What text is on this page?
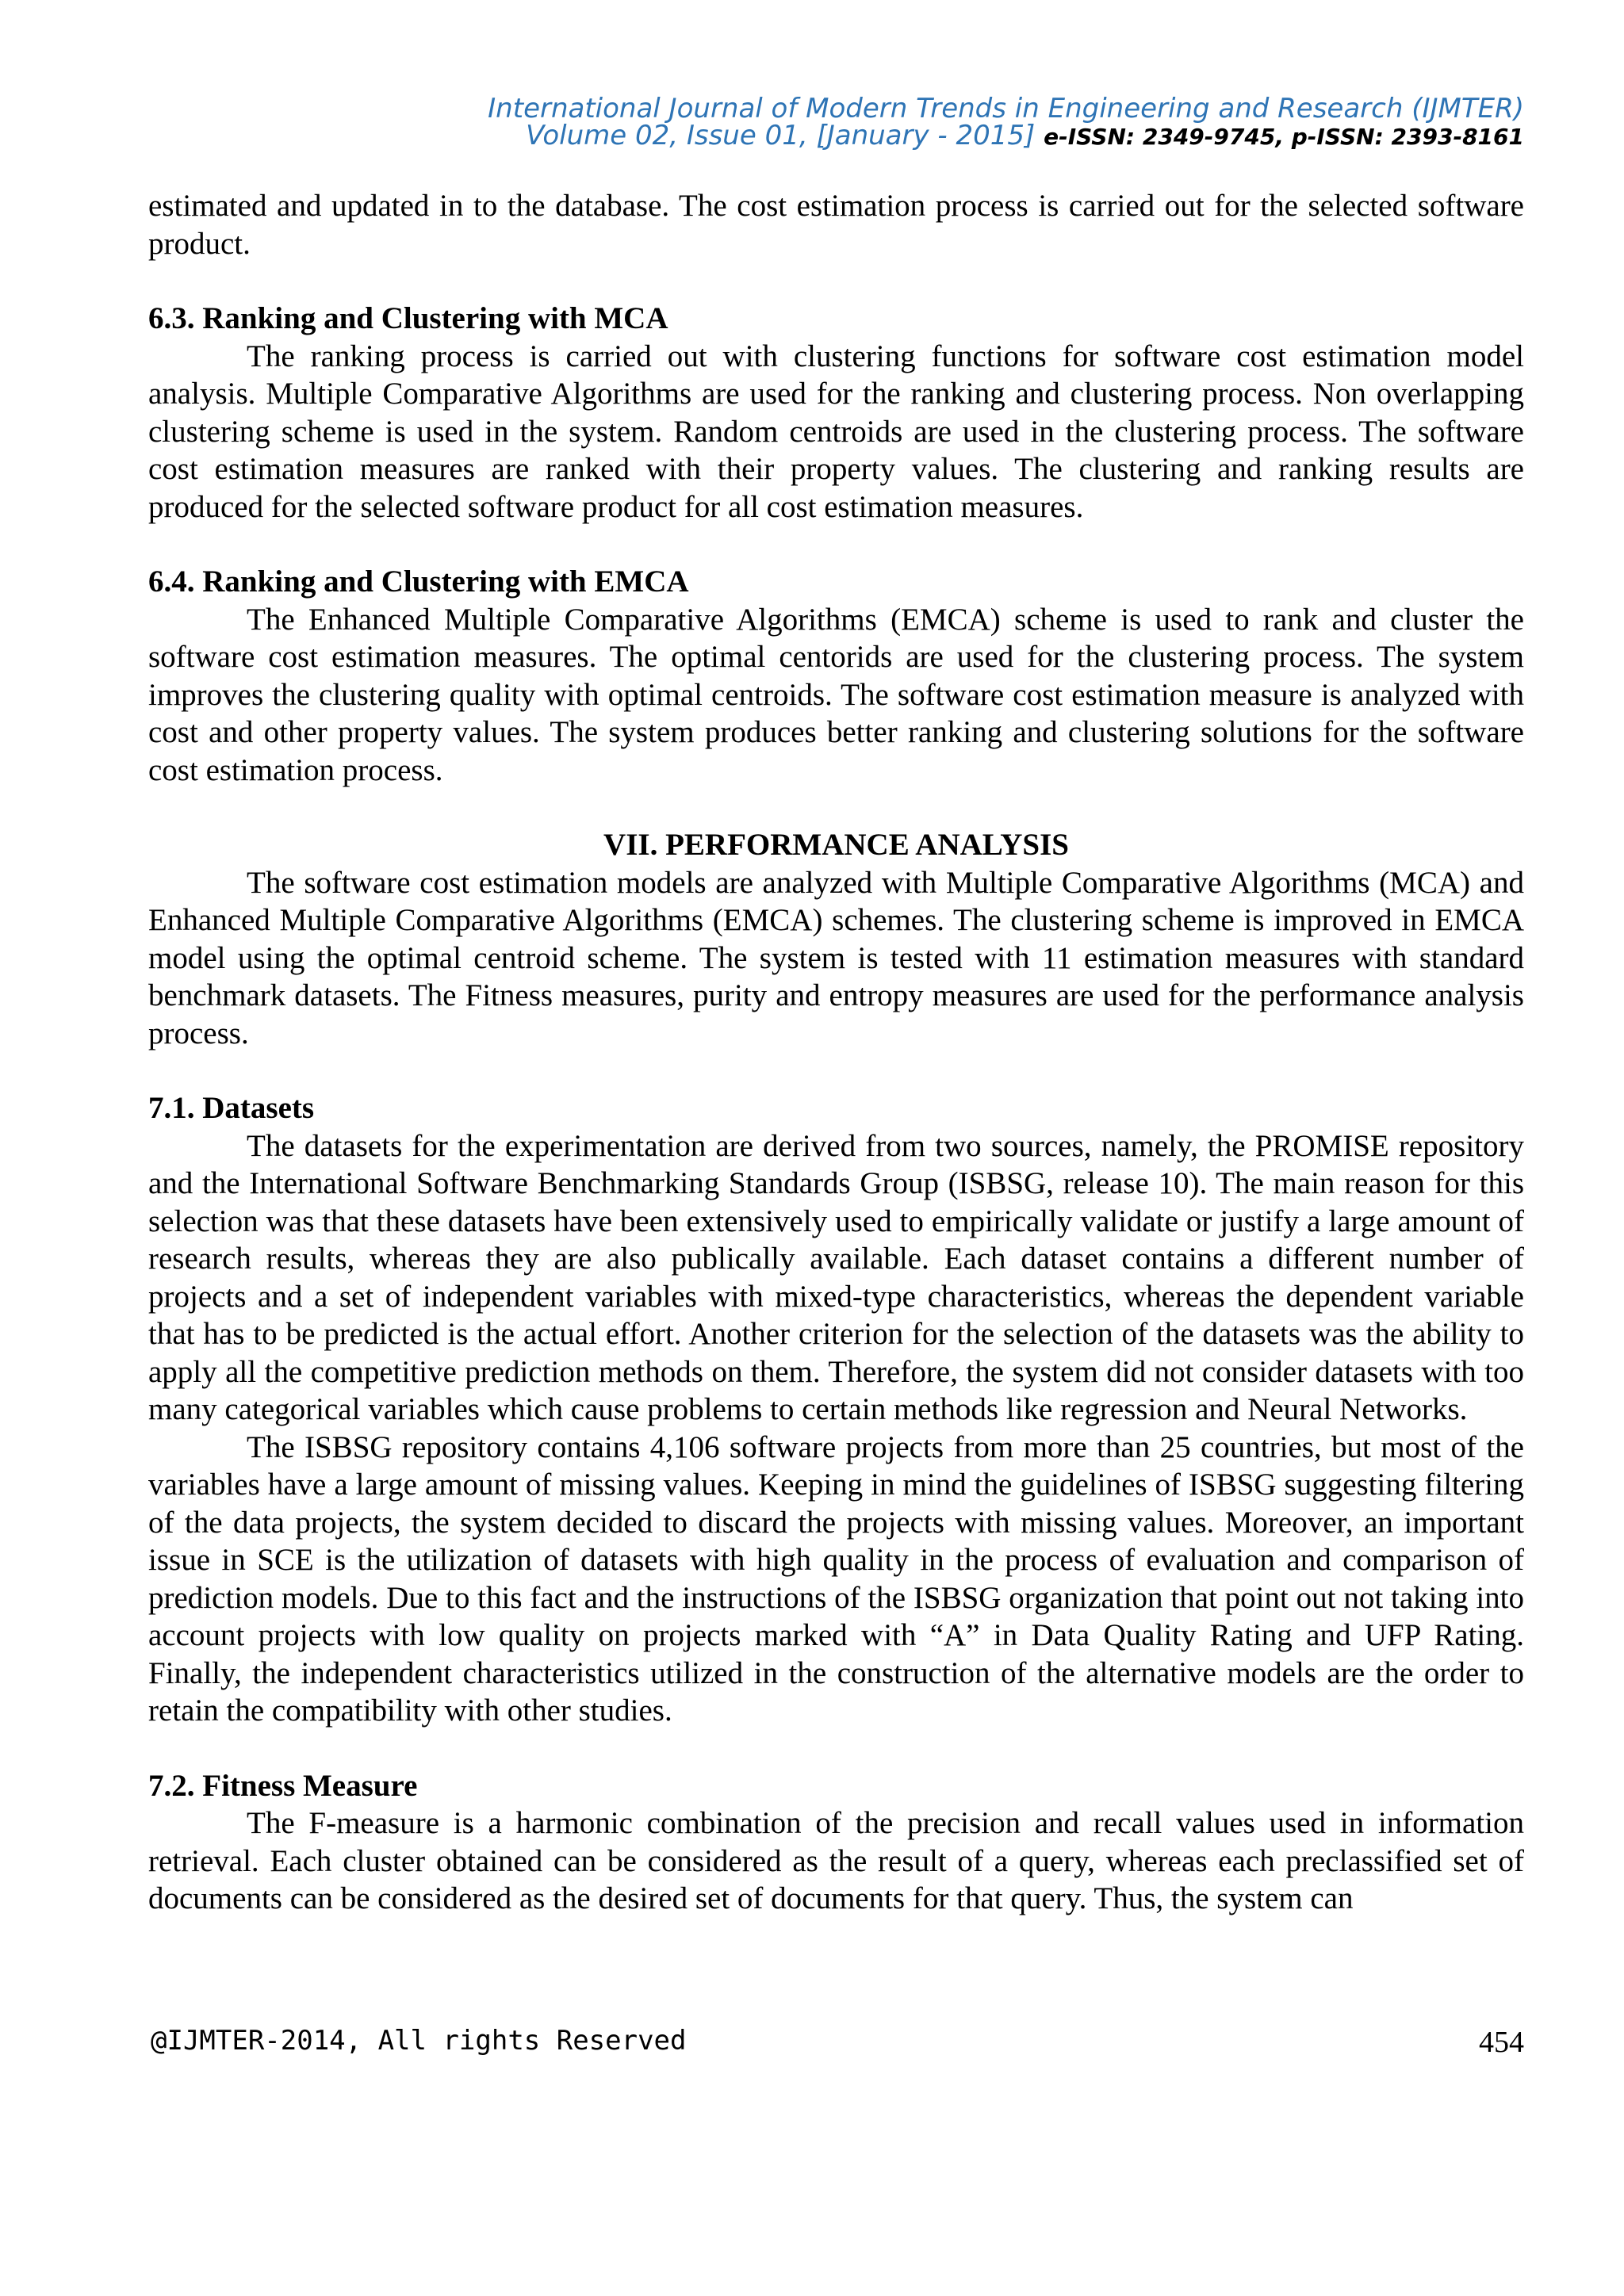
International Journal of Modern Trends in Engineering and Research (IJMTER)
Volume 02, Issue 01, [January - 2015] e-ISSN: 2349-9745, p-ISSN: 2393-8161

estimated and updated in to the database. The cost estimation process is carried out for the selected software product.

6.3. Ranking and Clustering with MCA

The ranking process is carried out with clustering functions for software cost estimation model analysis. Multiple Comparative Algorithms are used for the ranking and clustering process. Non overlapping clustering scheme is used in the system. Random centroids are used in the clustering process. The software cost estimation measures are ranked with their property values. The clustering and ranking results are produced for the selected software product for all cost estimation measures.

6.4. Ranking and Clustering with EMCA

The Enhanced Multiple Comparative Algorithms (EMCA) scheme is used to rank and cluster the software cost estimation measures. The optimal centorids are used for the clustering process. The system improves the clustering quality with optimal centroids. The software cost estimation measure is analyzed with cost and other property values. The system produces better ranking and clustering solutions for the software cost estimation process.

VII. PERFORMANCE ANALYSIS

The software cost estimation models are analyzed with Multiple Comparative Algorithms (MCA) and Enhanced Multiple Comparative Algorithms (EMCA) schemes. The clustering scheme is improved in EMCA model using the optimal centroid scheme. The system is tested with 11 estimation measures with standard benchmark datasets. The Fitness measures, purity and entropy measures are used for the performance analysis process.

7.1. Datasets

The datasets for the experimentation are derived from two sources, namely, the PROMISE repository and the International Software Benchmarking Standards Group (ISBSG, release 10). The main reason for this selection was that these datasets have been extensively used to empirically validate or justify a large amount of research results, whereas they are also publically available. Each dataset contains a different number of projects and a set of independent variables with mixed-type characteristics, whereas the dependent variable that has to be predicted is the actual effort. Another criterion for the selection of the datasets was the ability to apply all the competitive prediction methods on them. Therefore, the system did not consider datasets with too many categorical variables which cause problems to certain methods like regression and Neural Networks.

The ISBSG repository contains 4,106 software projects from more than 25 countries, but most of the variables have a large amount of missing values. Keeping in mind the guidelines of ISBSG suggesting filtering of the data projects, the system decided to discard the projects with missing values. Moreover, an important issue in SCE is the utilization of datasets with high quality in the process of evaluation and comparison of prediction models. Due to this fact and the instructions of the ISBSG organization that point out not taking into account projects with low quality on projects marked with “A” in Data Quality Rating and UFP Rating. Finally, the independent characteristics utilized in the construction of the alternative models are the order to retain the compatibility with other studies.

7.2. Fitness Measure

The F-measure is a harmonic combination of the precision and recall values used in information retrieval. Each cluster obtained can be considered as the result of a query, whereas each preclassified set of documents can be considered as the desired set of documents for that query. Thus, the system can

@IJMTER-2014, All rights Reserved	454
